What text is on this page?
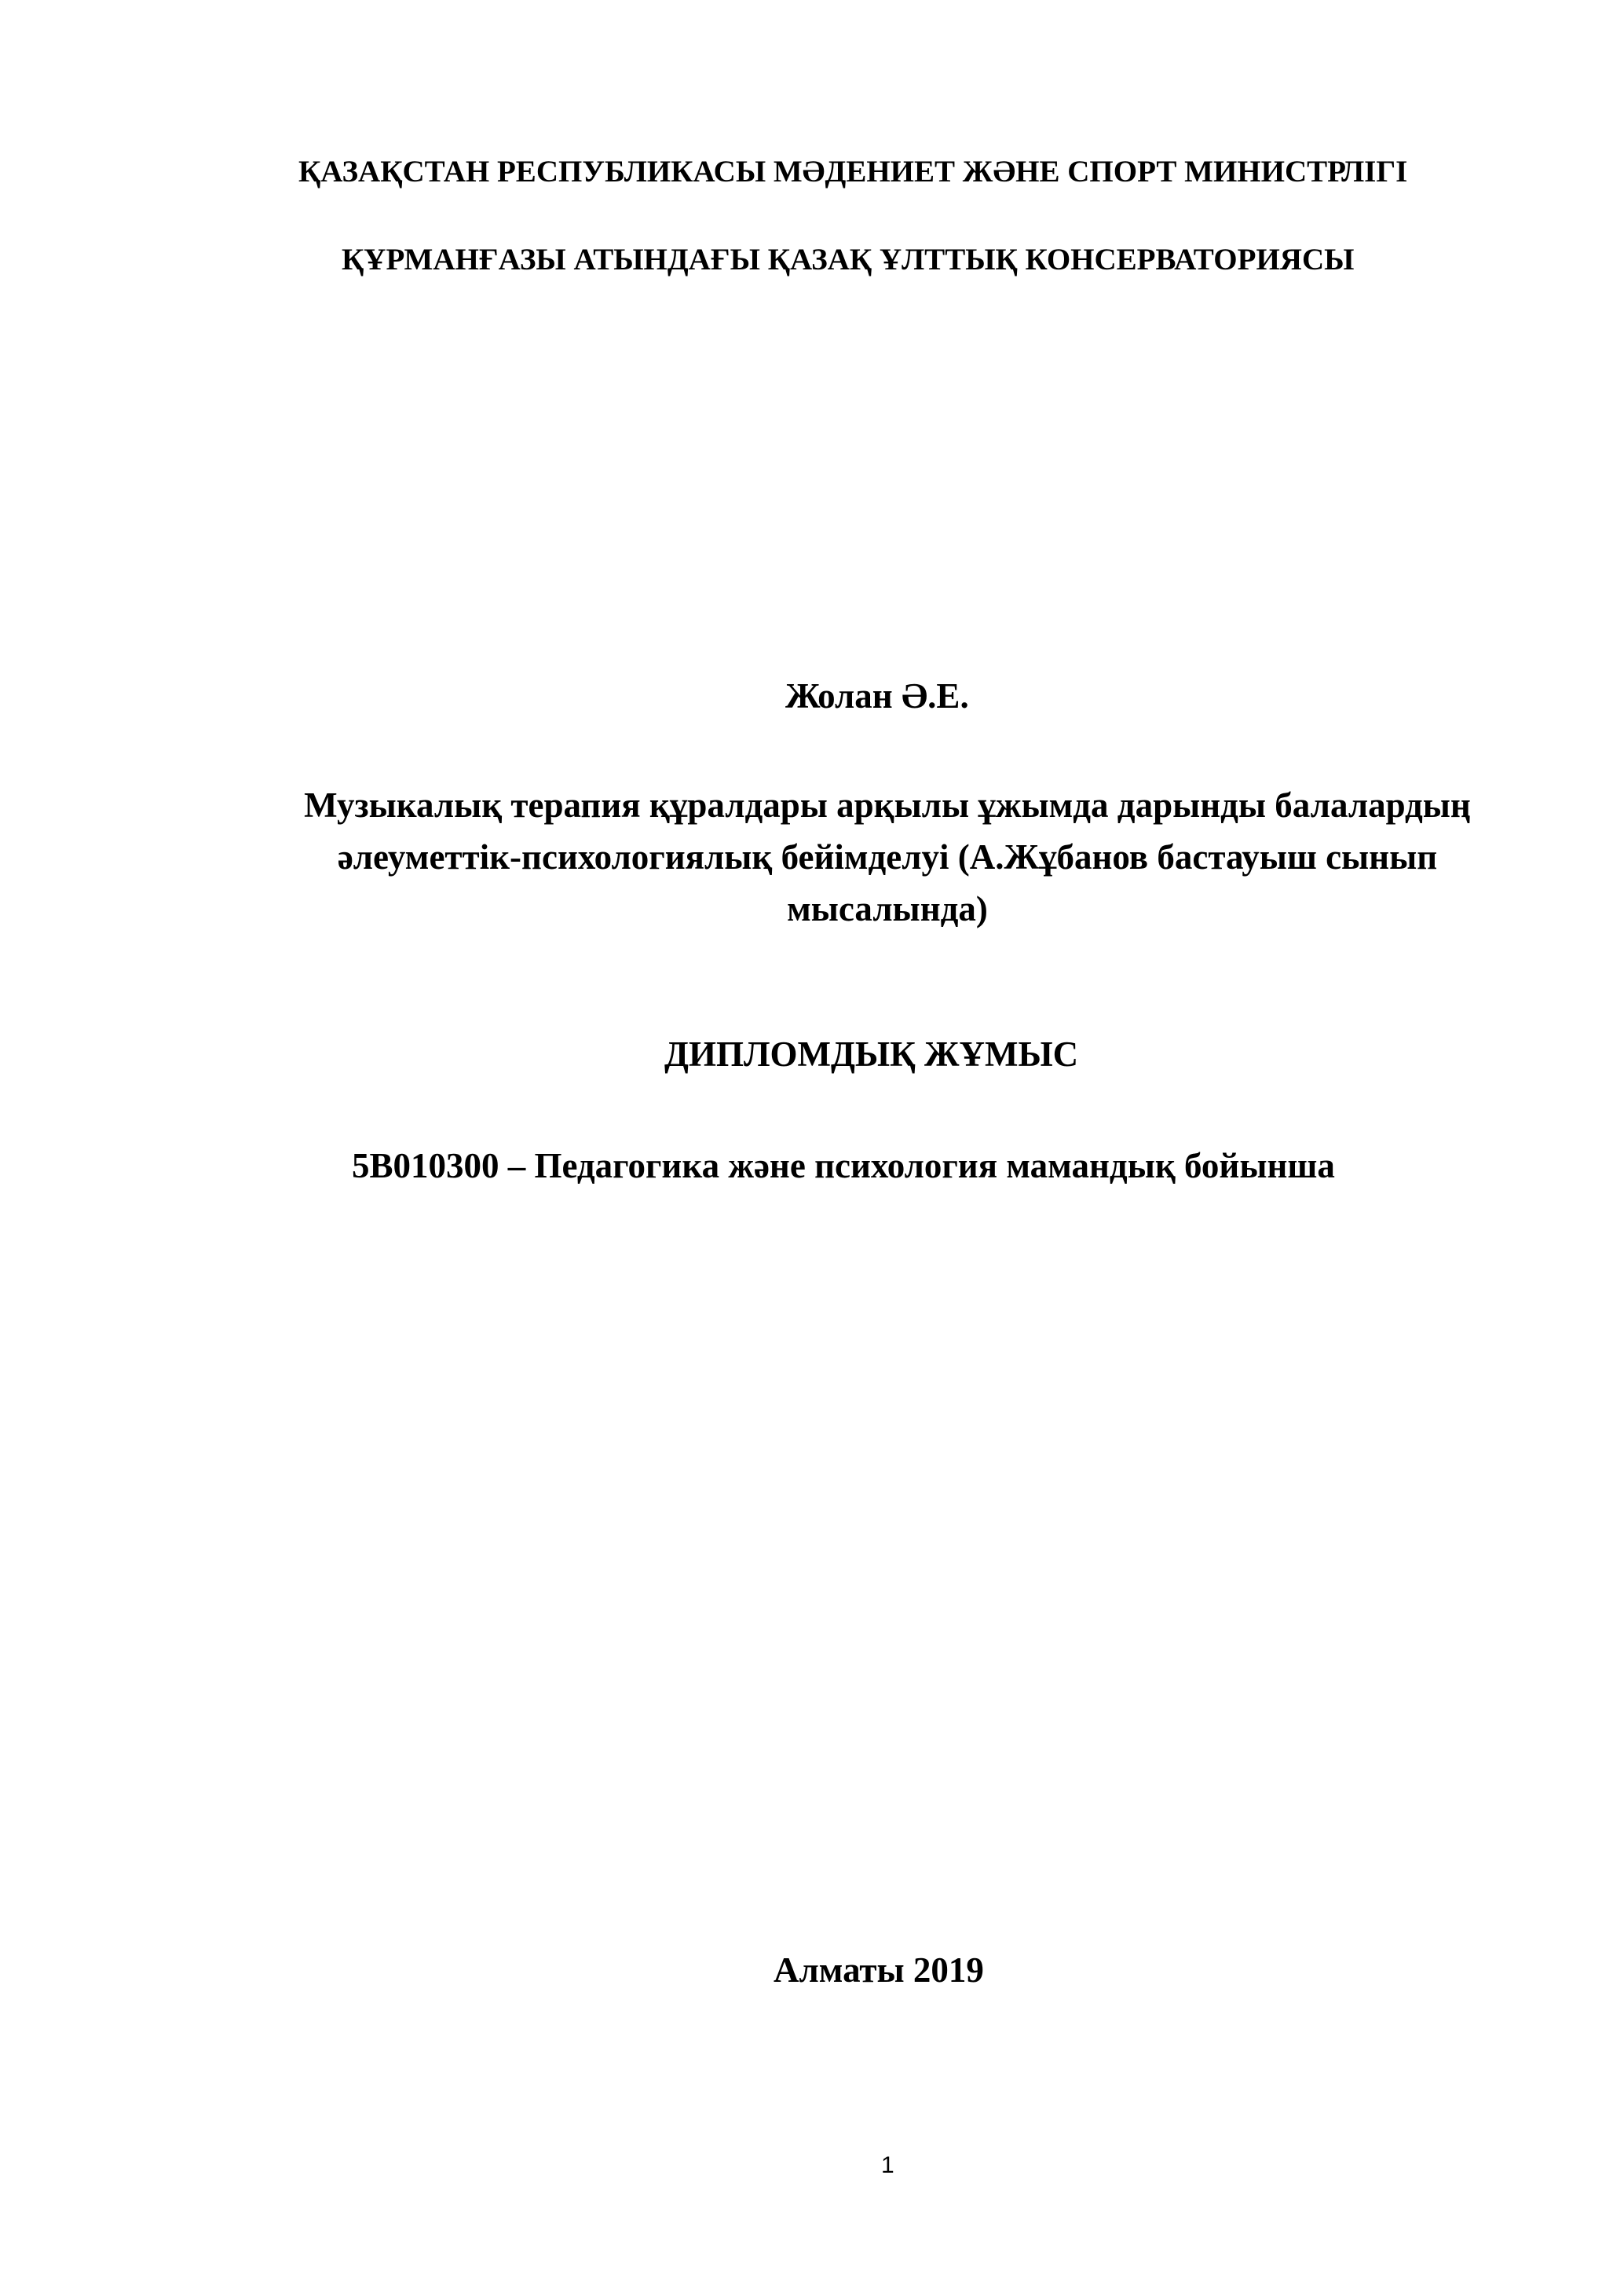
ҚАЗАҚСТАН РЕСПУБЛИКАСЫ МӘДЕНИЕТ ЖӘНЕ СПОРТ МИНИСТРЛІГІ

ҚҰРМАНҒАЗЫ АТЫНДАҒЫ ҚАЗАҚ ҰЛТТЫҚ КОНСЕРВАТОРИЯСЫ

Жолан Ә.Е.

Музыкалық терапия құралдары арқылы ұжымда дарынды балалардың
әлеуметтік-психологиялық бейімделуі (А.Жұбанов бастауыш сынып
мысалында)

ДИПЛОМДЫҚ ЖҰМЫС

5В010300 – Педагогика және психология мамандық бойынша

Алматы 2019

1
